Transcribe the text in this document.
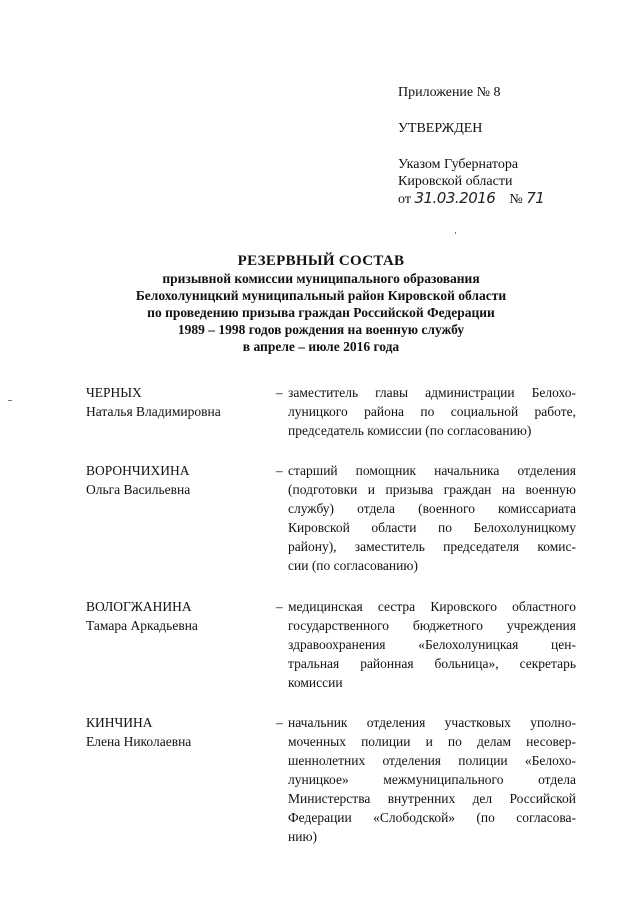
Приложение № 8
УТВЕРЖДЕН
Указом Губернатора
Кировской области
от 31.03.2016 № 71
РЕЗЕРВНЫЙ СОСТАВ
призывной комиссии муниципального образования
Белохолуницкий муниципальный район Кировской области
по проведению призыва граждан Российской Федерации
1989 – 1998 годов рождения на военную службу
в апреле – июле 2016 года
ЧЕРНЫХ
Наталья Владимировна
– заместитель главы администрации Белохо-
луницкого района по социальной работе,
председатель комиссии (по согласованию)
ВОРОНЧИХИНА
Ольга Васильевна
– старший помощник начальника отделения
(подготовки и призыва граждан на военную
службу) отдела (военного комиссариата
Кировской области по Белохолуницкому
району), заместитель председателя комис-
сии (по согласованию)
ВОЛОГЖАНИНА
Тамара Аркадьевна
– медицинская сестра Кировского областного
государственного бюджетного учреждения
здравоохранения «Белохолуницкая цен-
тральная районная больница», секретарь
комиссии
КИНЧИНА
Елена Николаевна
– начальник отделения участковых уполно-
моченных полиции и по делам несовер-
шеннолетних отделения полиции «Белохо-
луницкое» межмуниципального отдела
Министерства внутренних дел Российской
Федерации «Слободской» (по согласова-
нию)
